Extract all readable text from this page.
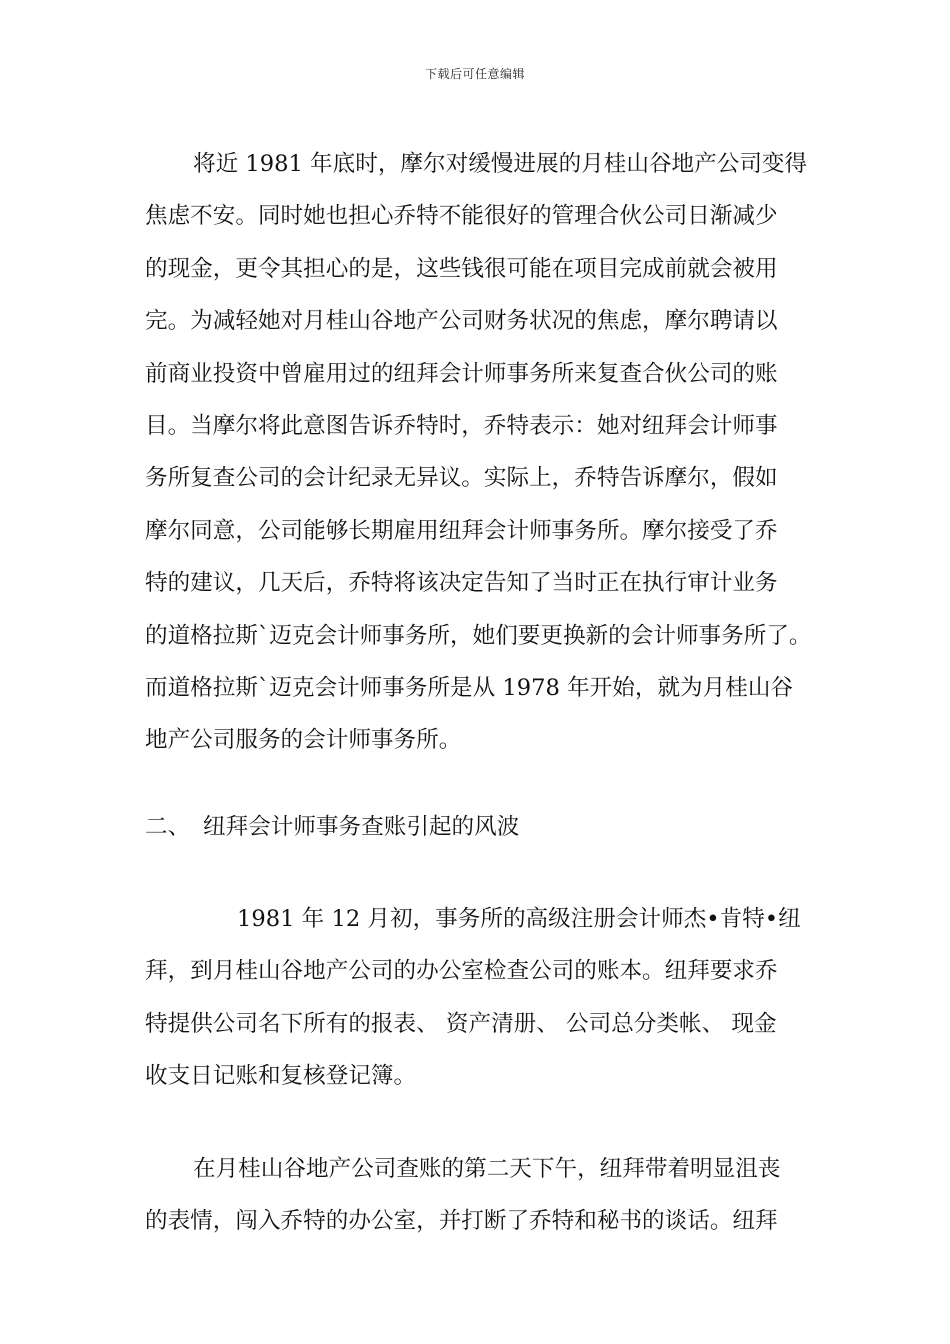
下载后可任意编辑
将近 1981 年底时，摩尔对缓慢进展的月桂山谷地产公司变得
焦虑不安。同时她也担心乔特不能很好的管理合伙公司日渐减少
的现金，更令其担心的是，这些钱很可能在项目完成前就会被用
完。为减轻她对月桂山谷地产公司财务状况的焦虑，摩尔聘请以
前商业投资中曾雇用过的纽拜会计师事务所来复查合伙公司的账
目。当摩尔将此意图告诉乔特时，乔特表示：她对纽拜会计师事
务所复查公司的会计纪录无异议。实际上，乔特告诉摩尔，假如
摩尔同意，公司能够长期雇用纽拜会计师事务所。摩尔接受了乔
特的建议，几天后，乔特将该决定告知了当时正在执行审计业务
的道格拉斯`迈克会计师事务所，她们要更换新的会计师事务所了。
而道格拉斯`迈克会计师事务所是从 1978 年开始，就为月桂山谷
地产公司服务的会计师事务所。
二、 纽拜会计师事务查账引起的风波
1981 年 12 月初，事务所的高级注册会计师杰•肯特•纽
拜，到月桂山谷地产公司的办公室检查公司的账本。纽拜要求乔
特提供公司名下所有的报表、 资产清册、 公司总分类帐、 现金
收支日记账和复核登记簿。
在月桂山谷地产公司查账的第二天下午，纽拜带着明显沮丧
的表情，闯入乔特的办公室，并打断了乔特和秘书的谈话。纽拜
